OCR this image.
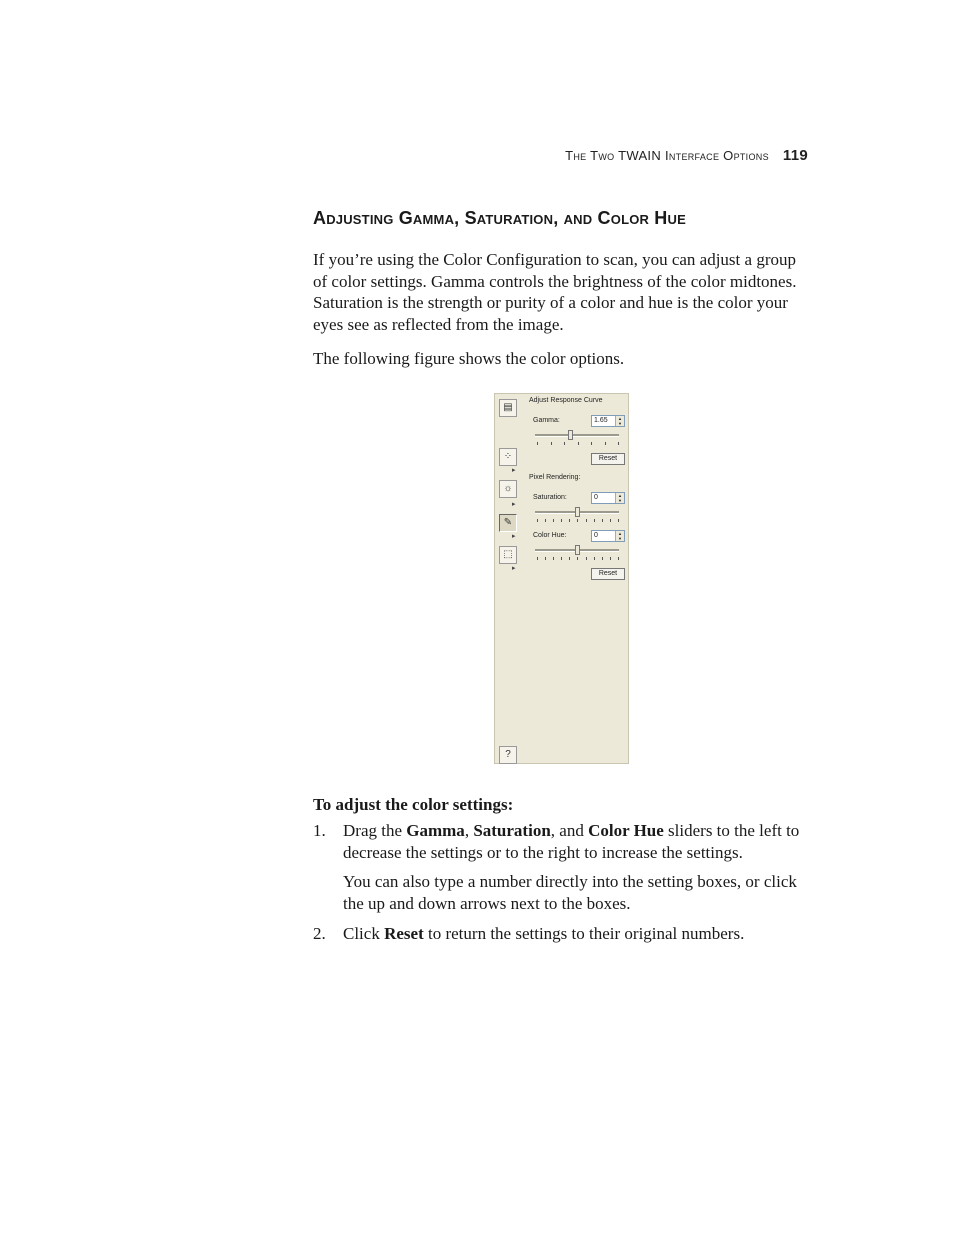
The Two TWAIN Interface Options 119
Adjusting Gamma, Saturation, and Color Hue

If you’re using the Color Configuration to scan, you can adjust a group of color settings. Gamma controls the brightness of the color midtones. Saturation is the strength or purity of a color and hue is the color your eyes see as reflected from the image.

The following figure shows the color options.

▤
⁘
▸
☼
▸
✎
▸
⬚
▸
?
Adjust Response Curve
Gamma:	1.65	▲
▼
Reset
Pixel Rendering:
Saturation:	0	▲
▼
Color Hue:	0	▲
▼
Reset
To adjust the color settings:
1. Drag the Gamma, Saturation, and Color Hue sliders to the left to decrease the settings or to the right to increase the settings.

You can also type a number directly into the setting boxes, or click the up and down arrows next to the boxes.

2. Click Reset to return the settings to their original numbers.
